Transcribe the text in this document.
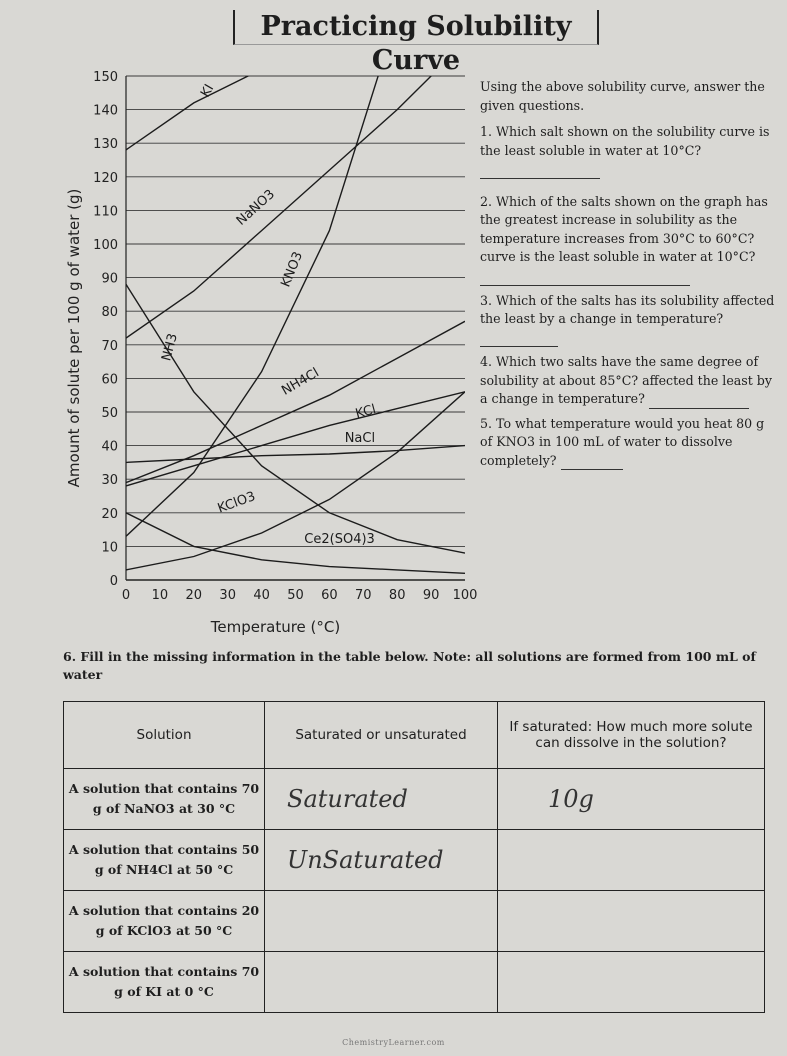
Practicing Solubility Curve
0
10
20
30
40
50
60
70
80
90
100
110
120
130
140
150
0 10 20 30 40 50 60 70 80 90 100
Temperature (°C)
Amount of solute per 100 g of water (g)
KI
NaNO3
KNO3
NH3
NH4Cl
KCl
NaCl
KClO3
Ce2(SO4)3
Using the above solubility curve, answer the given questions.
1. Which salt shown on the solubility curve is the least soluble in water at 10°C?
2. Which of the salts shown on the graph has the greatest increase in solubility as the temperature increases from 30°C to 60°C?curve is the least soluble in water at 10°C?
3. Which of the salts has its solubility affected the least by a change in temperature?
4. Which two salts have the same degree of solubility at about 85°C? affected the least by a change in temperature?
5. To what temperature would you heat 80 g of KNO3 in 100 mL of water to dissolve completely?
6. Fill in the missing information in the table below. Note: all solutions are formed from 100 mL of water
Solution	Saturated or unsaturated	If saturated: How much more solute can dissolve in the solution?
A solution that contains 70 g of NaNO3 at 30 °C	Saturated	10g
A solution that contains 50 g of NH4Cl at 50 °C	UnSaturated	
A solution that contains 20 g of KClO3 at 50 °C		
A solution that contains 70 g of KI at 0 °C		
ChemistryLearner.com
